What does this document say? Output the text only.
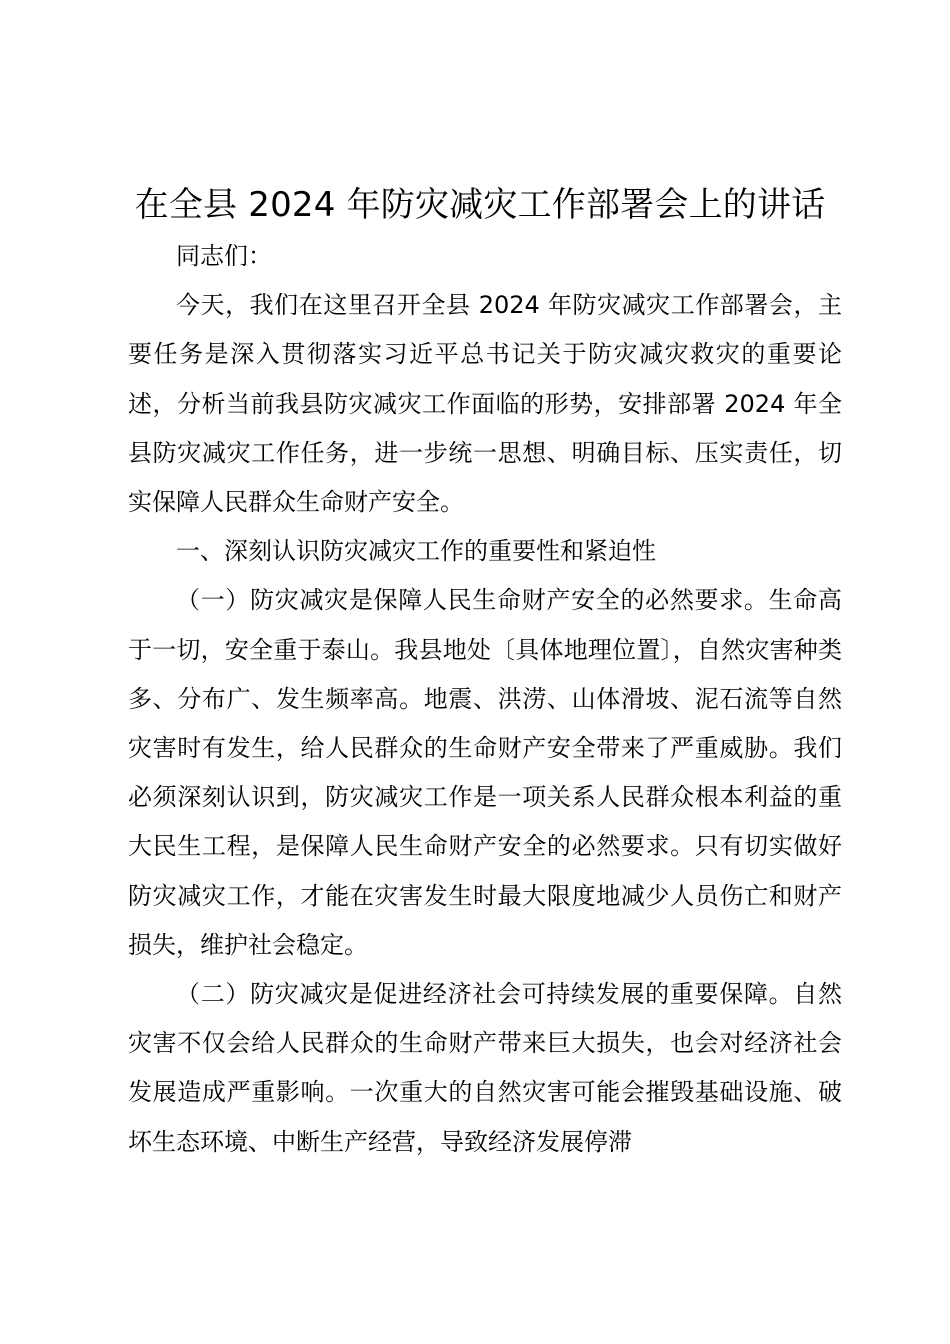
在全县 2024 年防灾减灾工作部署会上的讲话

同志们：

今天，我们在这里召开全县 2024 年防灾减灾工作部署会，主要任务是深入贯彻落实习近平总书记关于防灾减灾救灾的重要论述，分析当前我县防灾减灾工作面临的形势，安排部署 2024 年全县防灾减灾工作任务，进一步统一思想、明确目标、压实责任，切实保障人民群众生命财产安全。

一、深刻认识防灾减灾工作的重要性和紧迫性

（一）防灾减灾是保障人民生命财产安全的必然要求。生命高于一切，安全重于泰山。我县地处〔具体地理位置〕，自然灾害种类多、分布广、发生频率高。地震、洪涝、山体滑坡、泥石流等自然灾害时有发生，给人民群众的生命财产安全带来了严重威胁。我们必须深刻认识到，防灾减灾工作是一项关系人民群众根本利益的重大民生工程，是保障人民生命财产安全的必然要求。只有切实做好防灾减灾工作，才能在灾害发生时最大限度地减少人员伤亡和财产损失，维护社会稳定。

（二）防灾减灾是促进经济社会可持续发展的重要保障。自然灾害不仅会给人民群众的生命财产带来巨大损失，也会对经济社会发展造成严重影响。一次重大的自然灾害可能会摧毁基础设施、破坏生态环境、中断生产经营，导致经济发展停滞
